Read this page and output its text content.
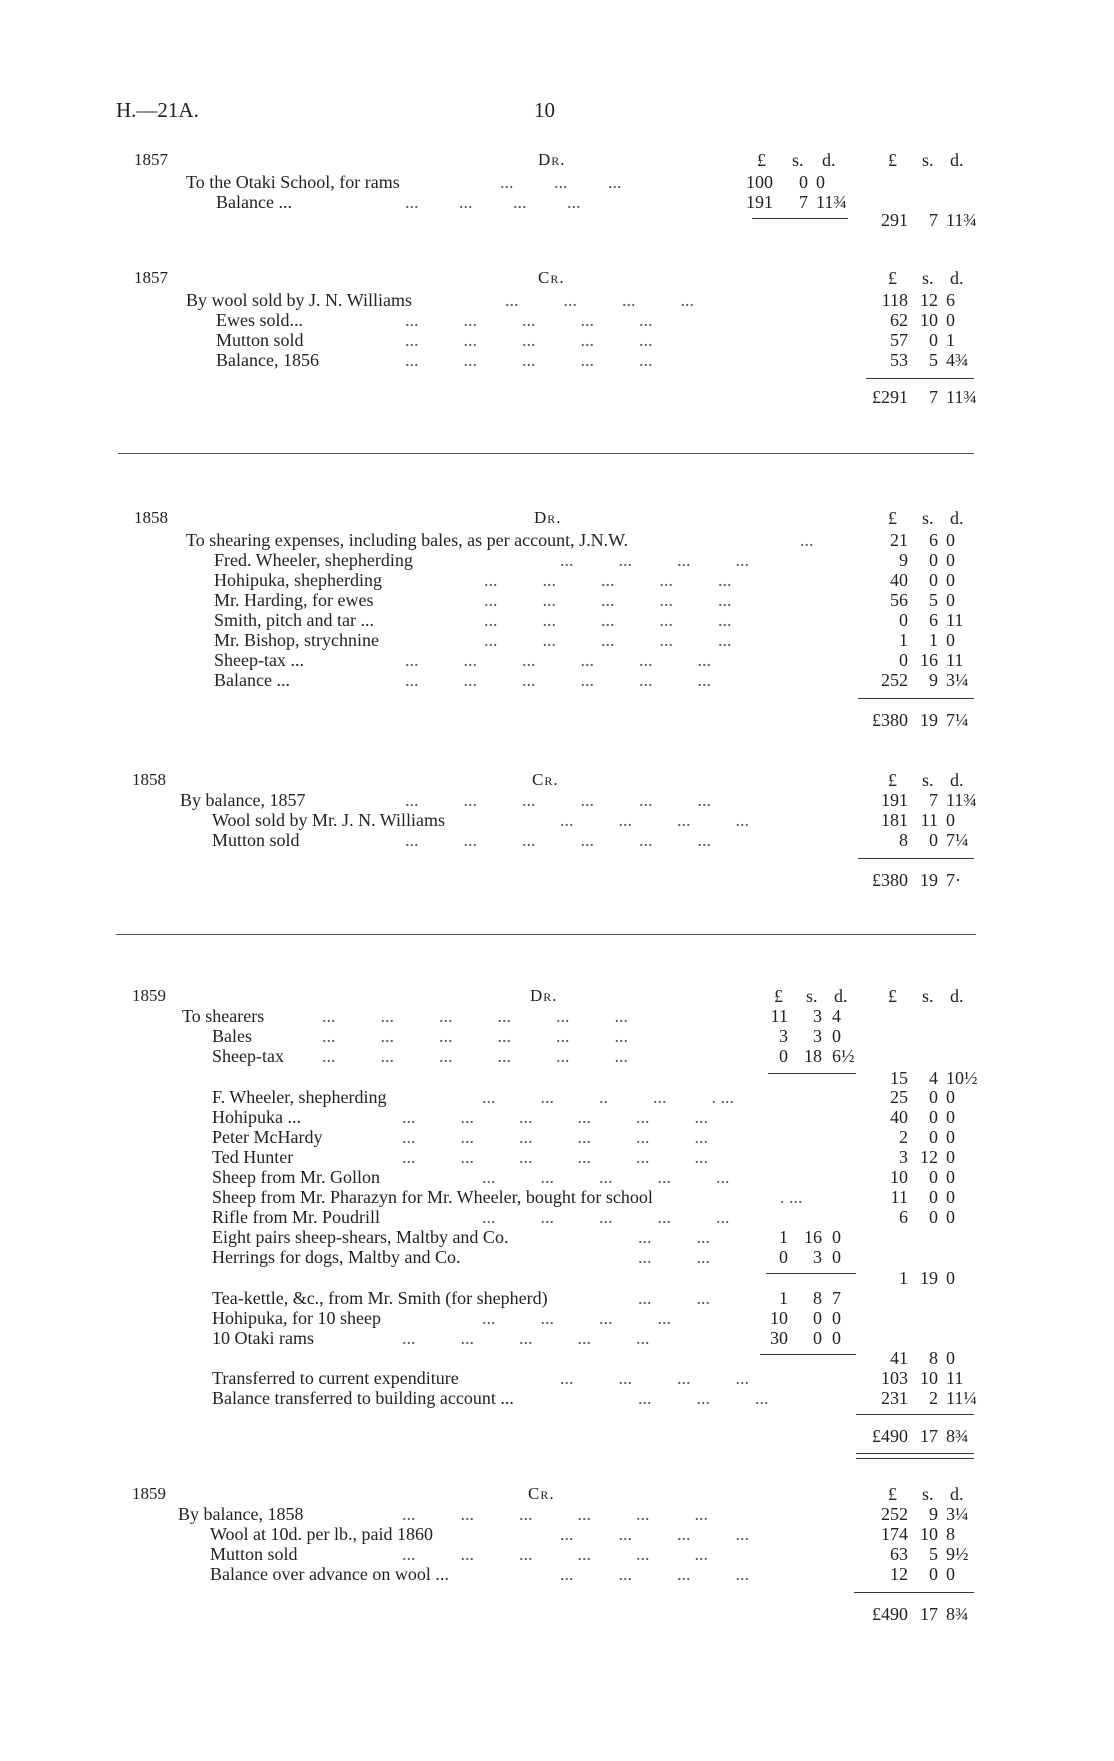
H.—21A.	10
1857	Dr.	£ s. d.	£ s. d.
To the Otaki School, for rams	...         ...         ...	100	0 0
Balance ...	...         ...         ...         ...	191	7 11¾
291	7 11¾
1857	Cr.	£ s. d.
By wool sold by J. N. Williams	...          ...          ...          ...	118 12 6
Ewes sold...	...          ...          ...          ...          ...	62 10 0
Mutton sold	...          ...          ...          ...          ...	57	0 1
Balance, 1856	...          ...          ...          ...          ...	53	5 4¾
£291	7 11¾
1858	Dr.	£ s. d.
To shearing expenses, including bales, as per account, J.N.W.	...	21	6 0
Fred. Wheeler, shepherding	...          ...          ...          ...	9	0 0
Hohipuka, shepherding	...          ...          ...          ...          ...	40	0 0
Mr. Harding, for ewes	...          ...          ...          ...          ...	56	5 0
Smith, pitch and tar ...	...          ...          ...          ...          ...	0	6 11
Mr. Bishop, strychnine	...          ...          ...          ...          ...	1	1 0
Sheep-tax ...	...          ...          ...          ...          ...          ...	0 16 11
Balance ...	...          ...          ...          ...          ...          ...	252	9 3¼
£380 19 7¼
1858	Cr.	£ s. d.
By balance, 1857	...          ...          ...          ...          ...          ...	191	7 11¾
Wool sold by Mr. J. N. Williams	...          ...          ...          ...	181 11 0
Mutton sold	...          ...          ...          ...          ...          ...	8	0 7¼
£380 19 7·
1859	Dr.	£ s. d. £ s. d.
To shearers	...          ...          ...          ...          ...          ...	11	3 4
Bales	...          ...          ...          ...          ...          ...	3	3 0
Sheep-tax ...          ...          ...          ...          ...          ...	0 18 6½
15	4 10½
F. Wheeler, shepherding	...          ...          ..          ...          . ...	25	0 0
Hohipuka ...	...          ...          ...          ...          ...          ...	40	0 0
Peter McHardy	...          ...          ...          ...          ...          ...	2	0 0
Ted Hunter	...          ...          ...          ...          ...          ...	3 12 0
Sheep from Mr. Gollon	...          ...          ...          ...          ...	10	0 0
Sheep from Mr. Pharazyn for Mr. Wheeler, bought for school	. ...	11	0 0
Rifle from Mr. Poudrill	...          ...          ...          ...          ...	6	0 0
Eight pairs sheep-shears, Maltby and Co.	...          ...	1 16 0
Herrings for dogs, Maltby and Co.	...          ...	0	3 0
1 19 0
Tea-kettle, &c., from Mr. Smith (for shepherd)	...          ...	1	8 7
Hohipuka, for 10 sheep	...          ...          ...          ...	10	0 0
10 Otaki rams	...          ...          ...          ...          ...	30	0 0
41	8 0
Transferred to current expenditure	...          ...          ...          ...	103 10 11
Balance transferred to building account ...	...          ...          ...	231	2 11¼
£490 17 8¾
1859	Cr.	£ s. d.
By balance, 1858	...          ...          ...          ...          ...          ...	252	9 3¼
Wool at 10d. per lb., paid 1860	...          ...          ...          ...	174 10 8
Mutton sold	...          ...          ...          ...          ...          ...	63	5 9½
Balance over advance on wool ...	...          ...          ...          ...	12	0 0
£490 17 8¾
